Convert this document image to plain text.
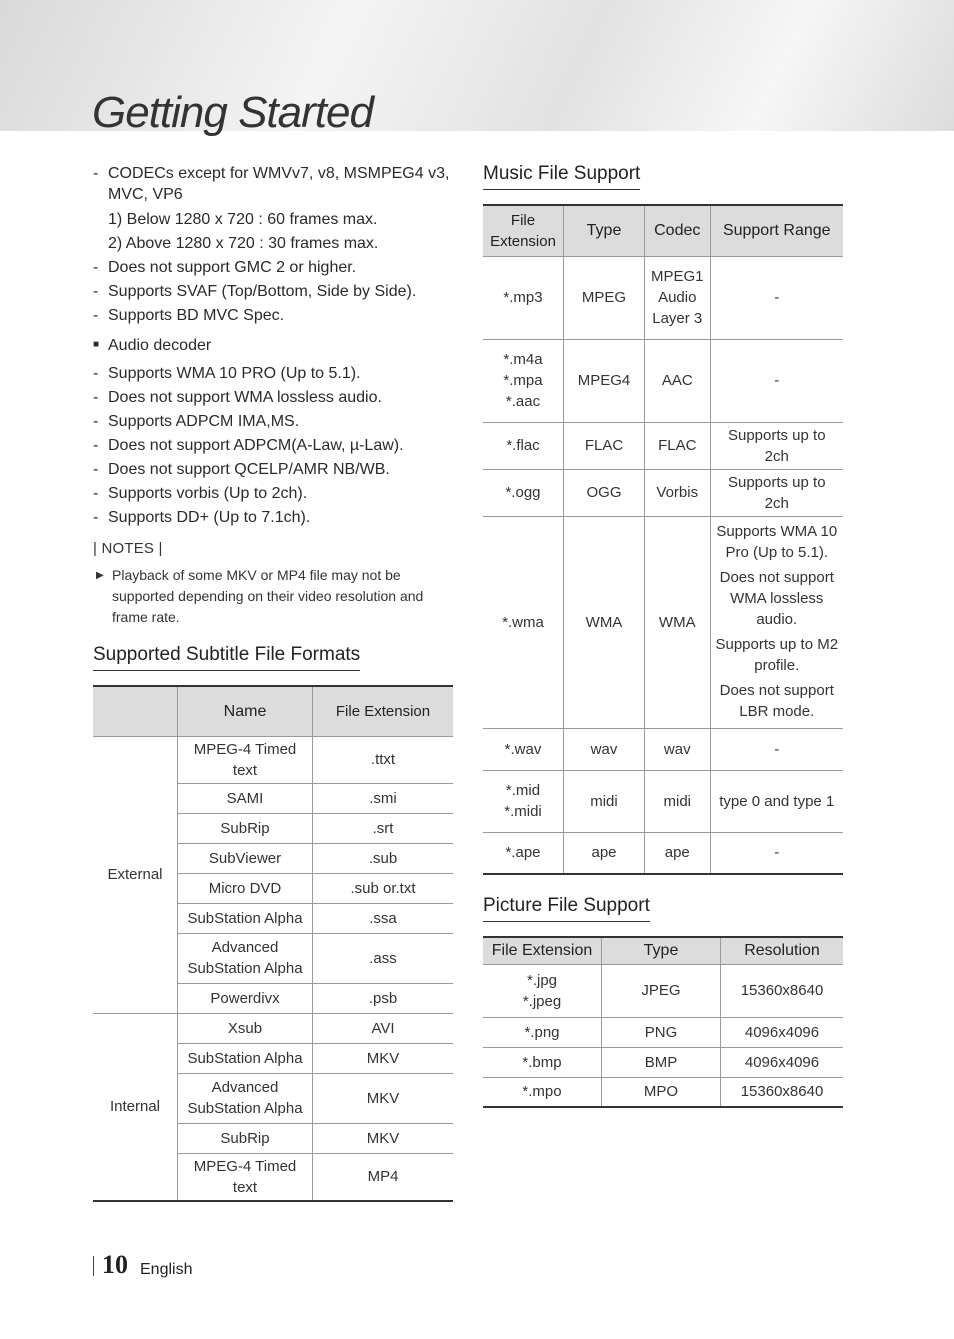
Getting Started
- CODECs except for WMVv7, v8, MSMPEG4 v3, MVC, VP6
1) Below 1280 x 720 : 60 frames max.
2) Above 1280 x 720 : 30 frames max.
- Does not support GMC 2 or higher.
- Supports SVAF (Top/Bottom, Side by Side).
- Supports BD MVC Spec.
■ Audio decoder
- Supports WMA 10 PRO (Up to 5.1).
- Does not support WMA lossless audio.
- Supports ADPCM IMA,MS.
- Does not support ADPCM(A-Law, µ-Law).
- Does not support QCELP/AMR NB/WB.
- Supports vorbis (Up to 2ch).
- Supports DD+ (Up to 7.1ch).
| NOTES |
▶ Playback of some MKV or MP4 file may not be supported depending on their video resolution and frame rate.
Supported Subtitle File Formats
	Name	File Extension
External	MPEG-4 Timed text	.ttxt
	SAMI	.smi
	SubRip	.srt
	SubViewer	.sub
	Micro DVD	.sub or.txt
	SubStation Alpha	.ssa
	Advanced SubStation Alpha	.ass
	Powerdivx	.psb
Internal	Xsub	AVI
	SubStation Alpha	MKV
	Advanced SubStation Alpha	MKV
	SubRip	MKV
	MPEG-4 Timed text	MP4
Music File Support
File Extension	Type	Codec	Support Range

*.mp3	MPEG	MPEG1 Audio Layer 3	-

*.m4a
*.mpa
*.aac	MPEG4	AAC	-

*.flac	FLAC	FLAC	Supports up to 2ch

*.ogg	OGG	Vorbis	Supports up to 2ch

*.wma	WMA	WMA	Supports WMA 10 Pro (Up to 5.1).
Does not support WMA lossless audio.
Supports up to M2 profile.
Does not support LBR mode.

*.wav	wav	wav	-

*.mid
*.midi	midi	midi	type 0 and type 1

*.ape	ape	ape	-
Picture File Support
File Extension	Type	Resolution

*.jpg
*.jpeg	JPEG	15360x8640

*.png	PNG	4096x4096

*.bmp	BMP	4096x4096

*.mpo	MPO	15360x8640
10 English
